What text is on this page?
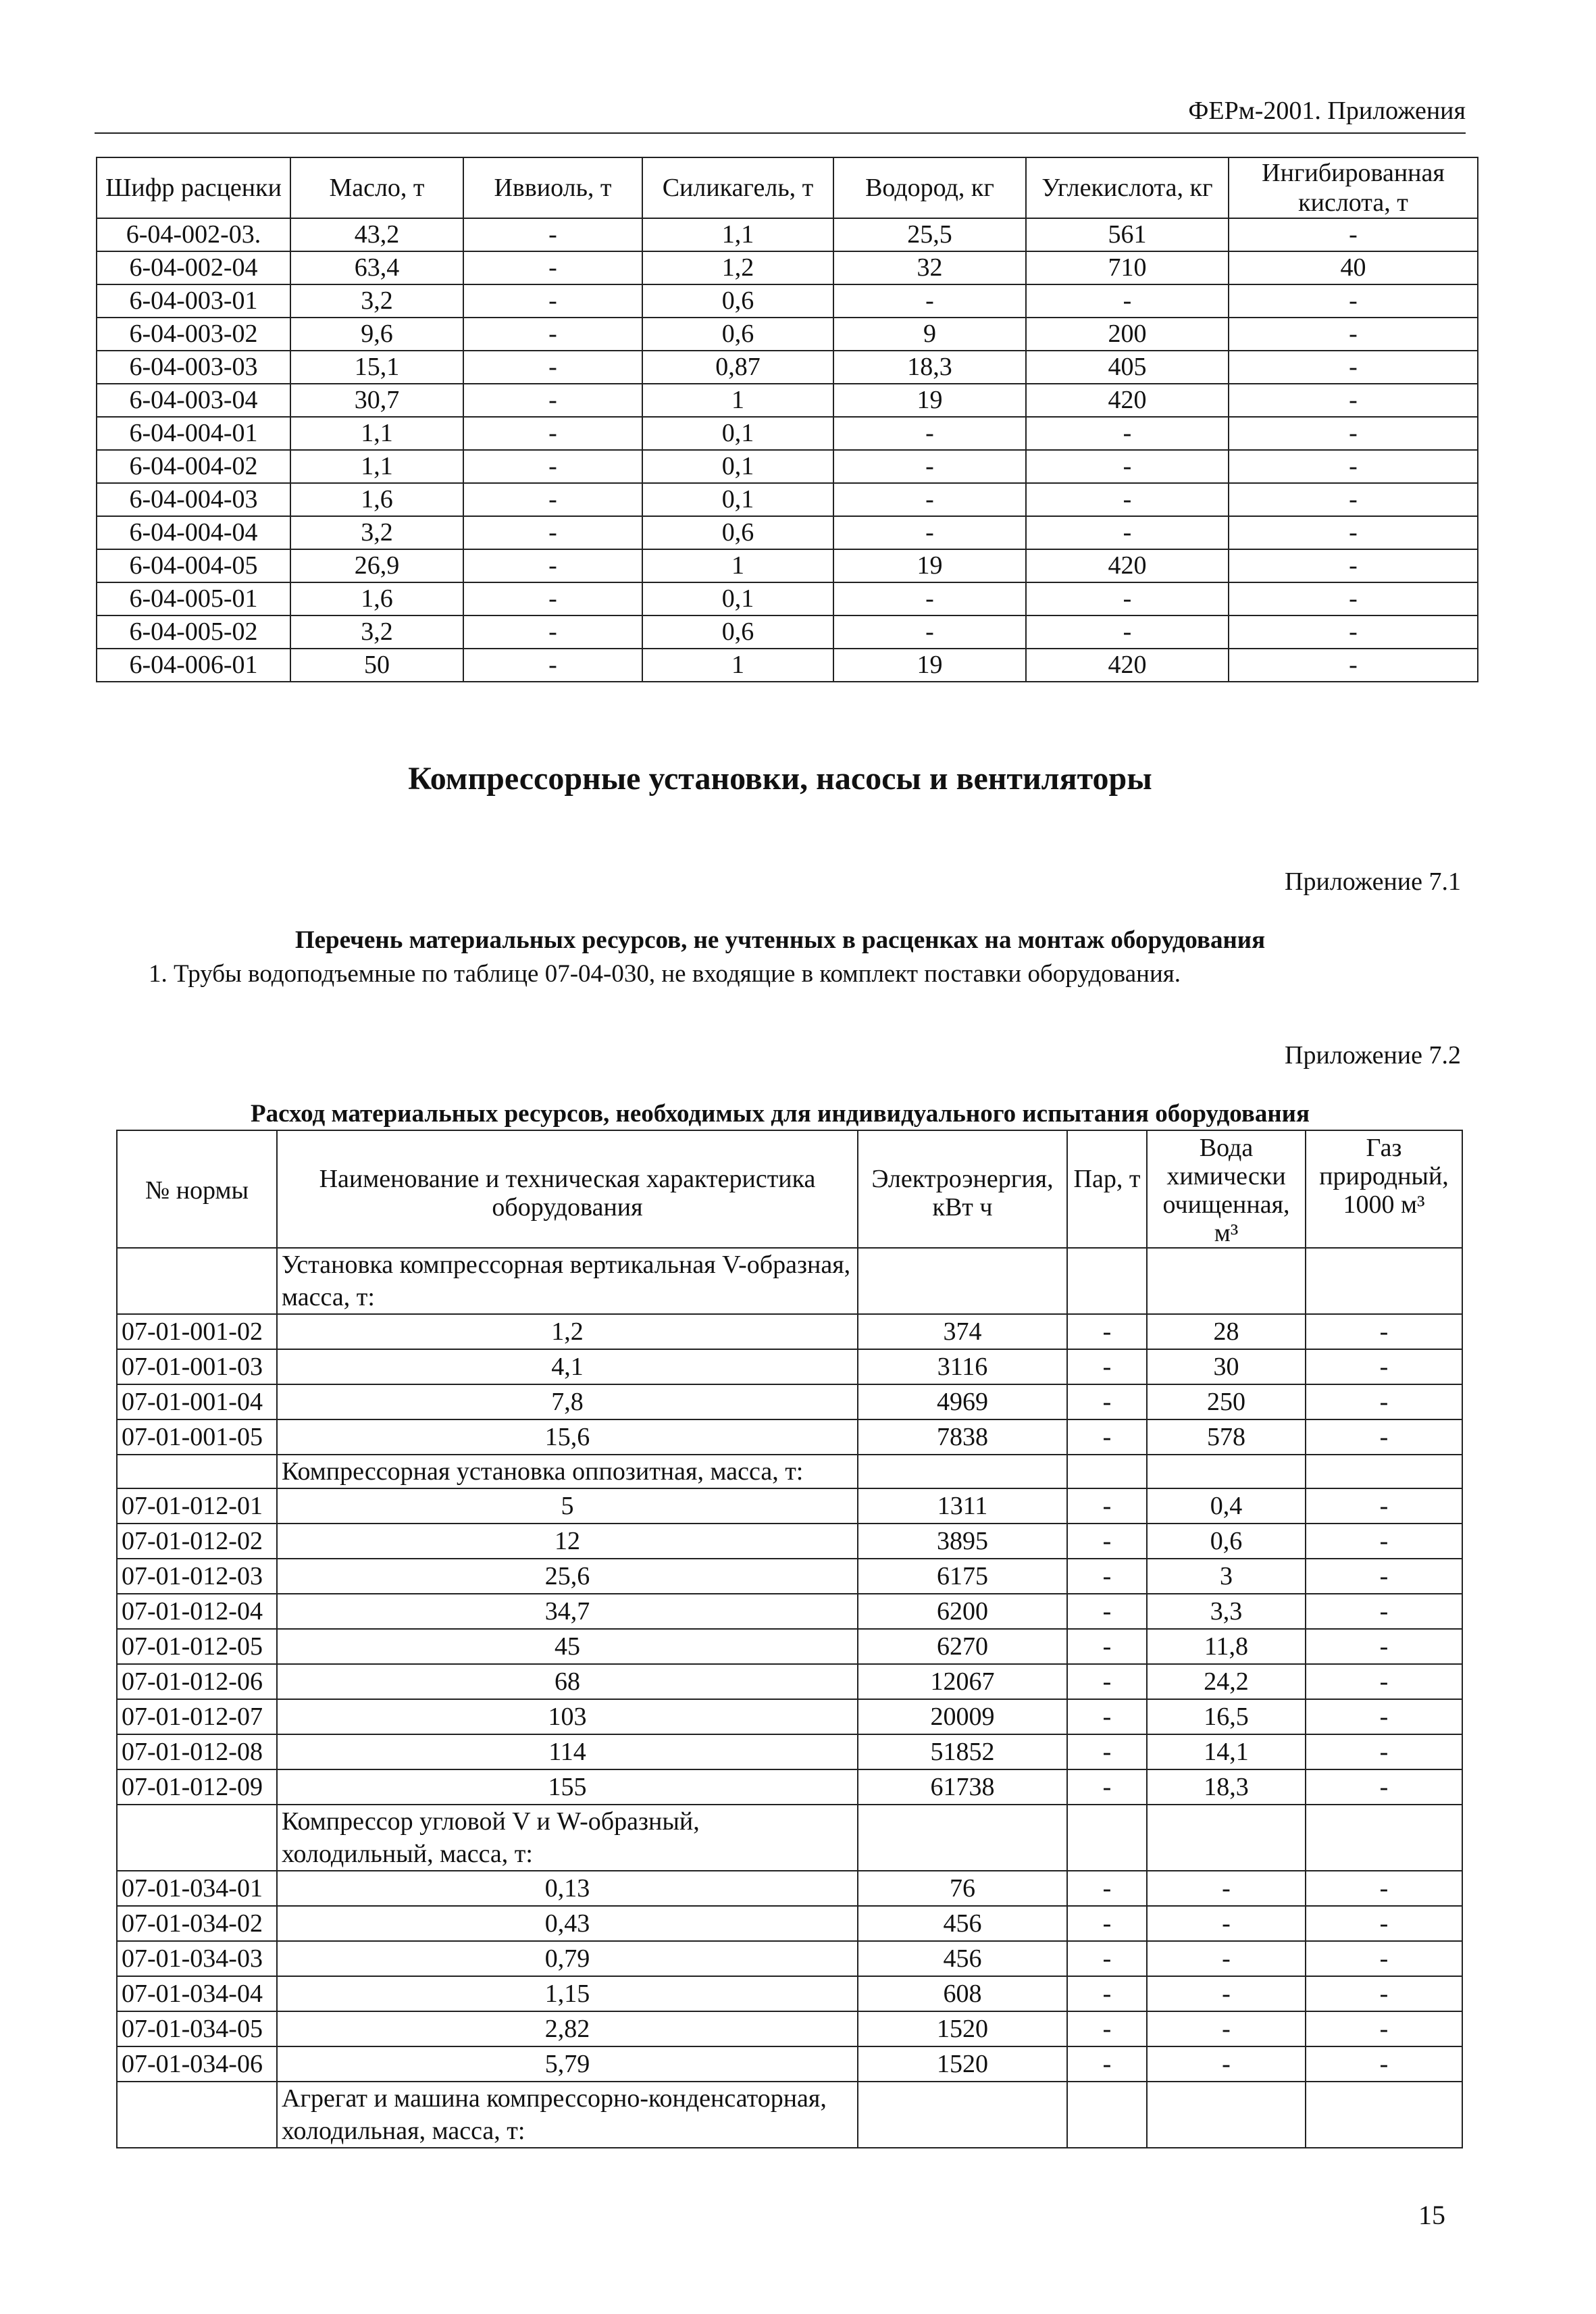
ФЕРм-2001. Приложения
Шифр расценки	Масло, т	Иввиоль, т	Силикагель, т	Водород, кг	Углекислота, кг	Ингибированная кислота, т
6-04-002-03.	43,2	-	1,1	25,5	561	-
6-04-002-04	63,4	-	1,2	32	710	40
6-04-003-01	3,2	-	0,6	-	-	-
6-04-003-02	9,6	-	0,6	9	200	-
6-04-003-03	15,1	-	0,87	18,3	405	-
6-04-003-04	30,7	-	1	19	420	-
6-04-004-01	1,1	-	0,1	-	-	-
6-04-004-02	1,1	-	0,1	-	-	-
6-04-004-03	1,6	-	0,1	-	-	-
6-04-004-04	3,2	-	0,6	-	-	-
6-04-004-05	26,9	-	1	19	420	-
6-04-005-01	1,6	-	0,1	-	-	-
6-04-005-02	3,2	-	0,6	-	-	-
6-04-006-01	50	-	1	19	420	-
Компрессорные установки, насосы и вентиляторы
Приложение 7.1
Перечень материальных ресурсов, не учтенных в расценках на монтаж оборудования
1. Трубы водоподъемные по таблице 07-04-030, не входящие в комплект поставки оборудования.
Приложение 7.2
Расход материальных ресурсов, необходимых для индивидуального испытания оборудования
№ нормы	Наименование и техническая характеристика оборудования	Электроэнергия, кВт ч	Пар, т	Вода химически очищенная, м³	Газ природный, 1000 м³
	Установка компрессорная вертикальная V-образная, масса, т:				
07-01-001-02	1,2	374	-	28	-
07-01-001-03	4,1	3116	-	30	-
07-01-001-04	7,8	4969	-	250	-
07-01-001-05	15,6	7838	-	578	-
	Компрессорная установка оппозитная, масса, т:				
07-01-012-01	5	1311	-	0,4	-
07-01-012-02	12	3895	-	0,6	-
07-01-012-03	25,6	6175	-	3	-
07-01-012-04	34,7	6200	-	3,3	-
07-01-012-05	45	6270	-	11,8	-
07-01-012-06	68	12067	-	24,2	-
07-01-012-07	103	20009	-	16,5	-
07-01-012-08	114	51852	-	14,1	-
07-01-012-09	155	61738	-	18,3	-
	Компрессор угловой V и W-образный, холодильный, масса, т:				
07-01-034-01	0,13	76	-	-	-
07-01-034-02	0,43	456	-	-	-
07-01-034-03	0,79	456	-	-	-
07-01-034-04	1,15	608	-	-	-
07-01-034-05	2,82	1520	-	-	-
07-01-034-06	5,79	1520	-	-	-
	Агрегат и машина компрессорно-конденсаторная, холодильная, масса, т:				
15
